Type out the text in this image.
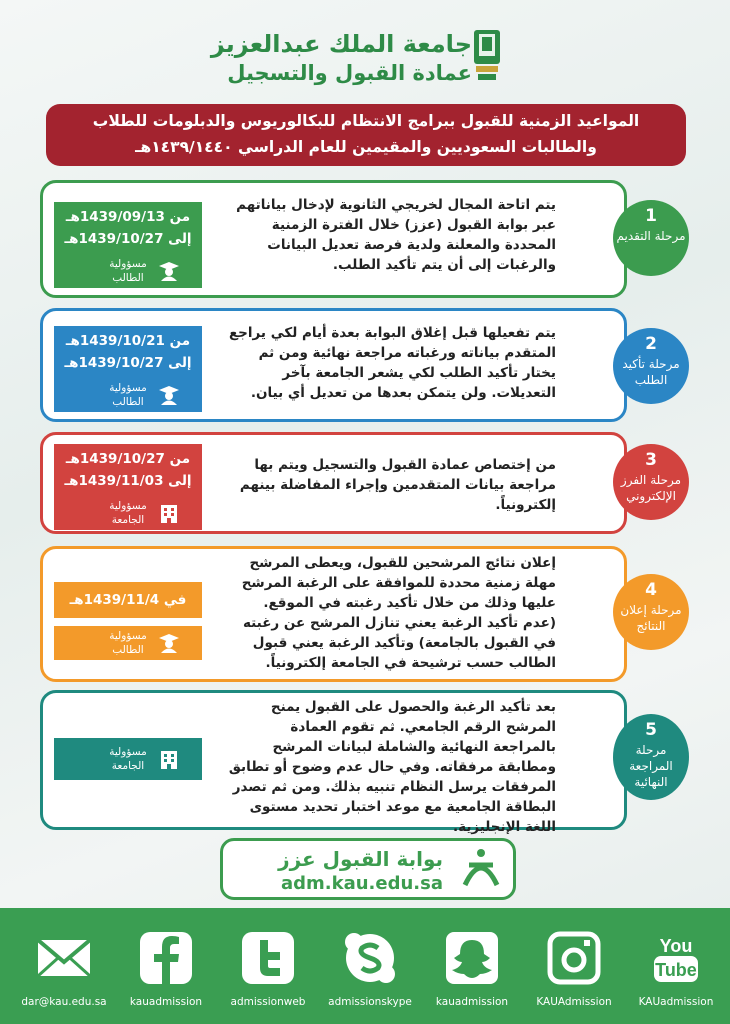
جامعة الملك عبدالعزيز
عمادة القبول والتسجيل
المواعيد الزمنية للقبول ببرامج الانتظام للبكالوريوس والدبلومات للطلاب
والطالبات السعوديين والمقيمين للعام الدراسي ١٤٣٩/١٤٤٠هـ
يتم اتاحة المجال لخريجي الثانوية لإدخال بياناتهم عبر بوابة القبول (عزز) خلال الفترة الزمنية المحددة والمعلنة ولدية فرصة تعديل البيانات والرغبات إلى أن يتم تأكيد الطلب.
من 1439/09/13هـ
إلى 1439/10/27هـ
مسؤولية الطالب
1
مرحلة التقديم
يتم تفعيلها قبل إغلاق البوابة بعدة أيام لكي يراجع المتقدم بياناته ورغباته مراجعة نهائية ومن ثم يختار تأكيد الطلب لكي يشعر الجامعة بآخر التعديلات. ولن يتمكن بعدها من تعديل أي بيان.
من 1439/10/21هـ
إلى 1439/10/27هـ
مسؤولية الطالب
2
مرحلة تأكيد الطلب
من إختصاص عمادة القبول والتسجيل ويتم بها مراجعة بيانات المتقدمين وإجراء المفاضلة بينهم إلكترونياً.
من 1439/10/27هـ
إلى 1439/11/03هـ
مسؤولية الجامعة
3
مرحلة الفرز الإلكتروني
إعلان نتائج المرشحين للقبول، ويعطى المرشح مهلة زمنية محددة للموافقة على الرغبة المرشح عليها وذلك من خلال تأكيد رغبته في الموقع. (عدم تأكيد الرغبة يعني تنازل المرشح عن رغبته في القبول بالجامعة) وتأكيد الرغبة يعني قبول الطالب حسب ترشيحة في الجامعة إلكترونياً.
في 1439/11/4هـ
مسؤولية الطالب
4
مرحلة إعلان النتائج
بعد تأكيد الرغبة والحصول على القبول يمنح المرشح الرقم الجامعي. ثم تقوم العمادة بالمراجعة النهائية والشاملة لبيانات المرشح ومطابقة مرفقاته. وفي حال عدم وضوح أو تطابق المرفقات يرسل النظام تنبيه بذلك. ومن ثم تصدر البطاقة الجامعية مع موعد اختبار تحديد مستوى اللغة الإنجليزية.
مسؤولية الجامعة
5
مرحلة المراجعة النهائية
بوابة القبول عزز
adm.kau.edu.sa
dar@kau.edu.sa	kauadmission	admissionweb	admissionskype	kauadmission	KAUAdmission
You
Tube
KAUadmission
